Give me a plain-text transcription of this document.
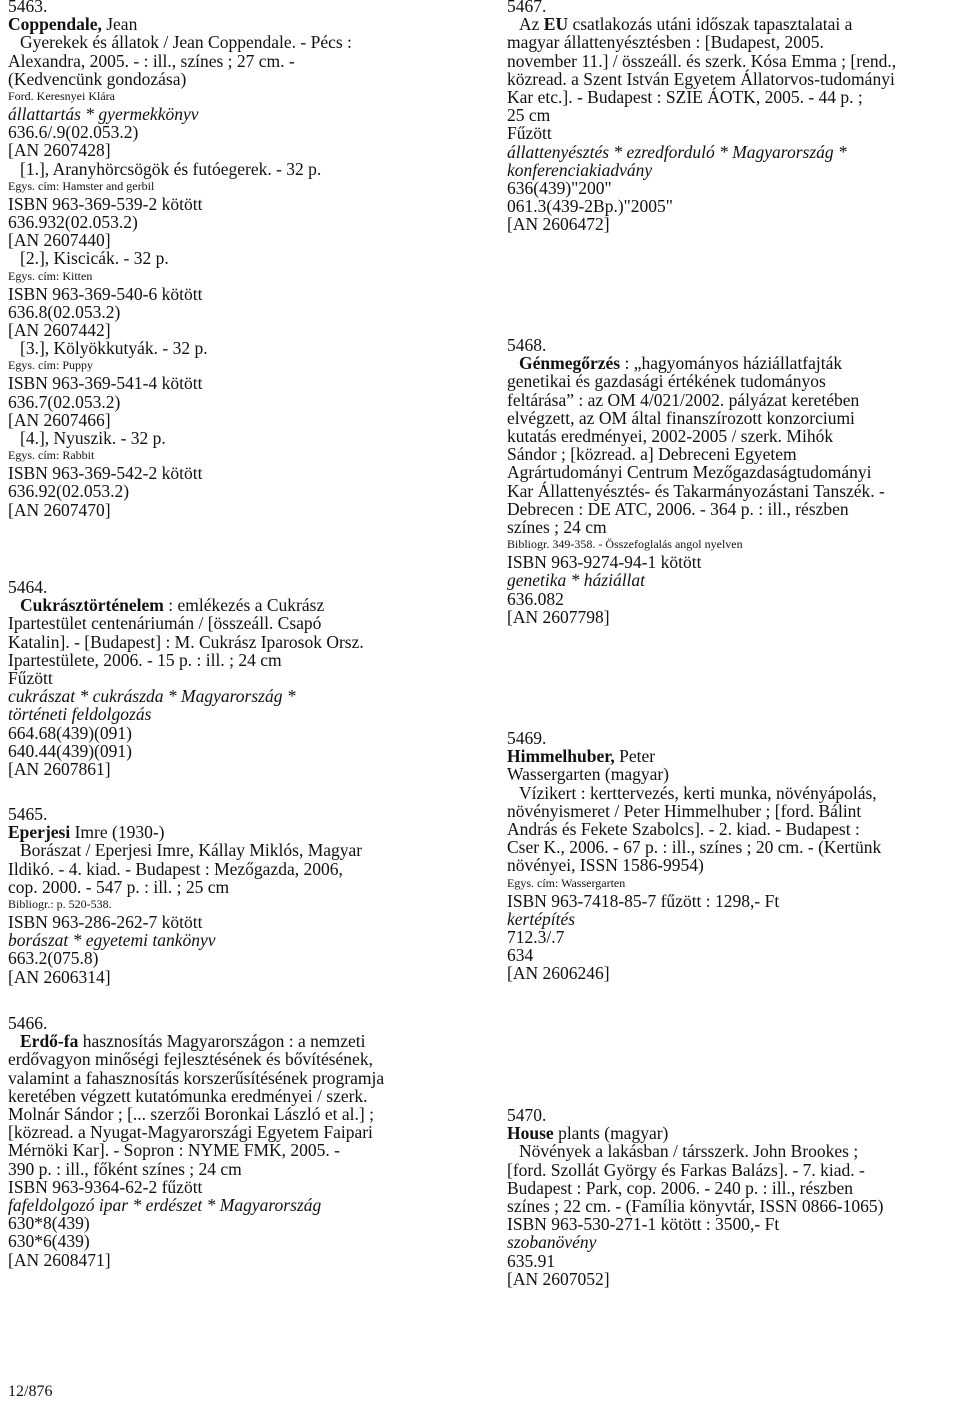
5463.
Coppendale, Jean
Gyerekek és állatok / Jean Coppendale. - Pécs :
Alexandra, 2005. - : ill., színes ; 27 cm. -
(Kedvencünk gondozása)
Ford. Keresnyei Klára
állattartás * gyermekkönyv
636.6/.9(02.053.2)
[AN 2607428]
[1.], Aranyhörcsögök és futóegerek. - 32 p.
Egys. cím: Hamster and gerbil
ISBN 963-369-539-2 kötött
636.932(02.053.2)
[AN 2607440]
[2.], Kiscicák. - 32 p.
Egys. cím: Kitten
ISBN 963-369-540-6 kötött
636.8(02.053.2)
[AN 2607442]
[3.], Kölyökkutyák. - 32 p.
Egys. cím: Puppy
ISBN 963-369-541-4 kötött
636.7(02.053.2)
[AN 2607466]
[4.], Nyuszik. - 32 p.
Egys. cím: Rabbit
ISBN 963-369-542-2 kötött
636.92(02.053.2)
[AN 2607470]
5464.
Cukrásztörténelem : emlékezés a Cukrász
Ipartestület centenáriumán / [összeáll. Csapó
Katalin]. - [Budapest] : M. Cukrász Iparosok Orsz.
Ipartestülete, 2006. - 15 p. : ill. ; 24 cm
Fűzött
cukrászat * cukrászda * Magyarország *
történeti feldolgozás
664.68(439)(091)
640.44(439)(091)
[AN 2607861]
5465.
Eperjesi Imre (1930-)
Borászat / Eperjesi Imre, Kállay Miklós, Magyar
Ildikó. - 4. kiad. - Budapest : Mezőgazda, 2006,
cop. 2000. - 547 p. : ill. ; 25 cm
Bibliogr.: p. 520-538.
ISBN 963-286-262-7 kötött
borászat * egyetemi tankönyv
663.2(075.8)
[AN 2606314]
5466.
Erdő-fa hasznosítás Magyarországon : a nemzeti
erdővagyon minőségi fejlesztésének és bővítésének,
valamint a fahasznosítás korszerűsítésének programja
keretében végzett kutatómunka eredményei / szerk.
Molnár Sándor ; [... szerzői Boronkai László et al.] ;
[közread. a Nyugat-Magyarországi Egyetem Faipari
Mérnöki Kar]. - Sopron : NYME FMK, 2005. -
390 p. : ill., főként színes ; 24 cm
ISBN 963-9364-62-2 fűzött
fafeldolgozó ipar * erdészet * Magyarország
630*8(439)
630*6(439)
[AN 2608471]
5467.
Az EU csatlakozás utáni időszak tapasztalatai a
magyar állattenyésztésben : [Budapest, 2005.
november 11.] / összeáll. és szerk. Kósa Emma ; [rend.,
közread. a Szent István Egyetem Állatorvos-tudományi
Kar etc.]. - Budapest : SZIE ÁOTK, 2005. - 44 p. ;
25 cm
Fűzött
állattenyésztés * ezredforduló * Magyarország *
konferenciakiadvány
636(439)"200"
061.3(439-2Bp.)"2005"
[AN 2606472]
5468.
Génmegőrzés : „hagyományos háziállatfajták
genetikai és gazdasági értékének tudományos
feltárása” : az OM 4/021/2002. pályázat keretében
elvégzett, az OM által finanszírozott konzorciumi
kutatás eredményei, 2002-2005 / szerk. Mihók
Sándor ; [közread. a] Debreceni Egyetem
Agrártudományi Centrum Mezőgazdaságtudományi
Kar Állattenyésztés- és Takarmányozástani Tanszék. -
Debrecen : DE ATC, 2006. - 364 p. : ill., részben
színes ; 24 cm
Bibliogr. 349-358. - Összefoglalás angol nyelven
ISBN 963-9274-94-1 kötött
genetika * háziállat
636.082
[AN 2607798]
5469.
Himmelhuber, Peter
Wassergarten (magyar)
Vízikert : kerttervezés, kerti munka, növényápolás,
növényismeret / Peter Himmelhuber ; [ford. Bálint
András és Fekete Szabolcs]. - 2. kiad. - Budapest :
Cser K., 2006. - 67 p. : ill., színes ; 20 cm. - (Kertünk
növényei, ISSN 1586-9954)
Egys. cím: Wassergarten
ISBN 963-7418-85-7 fűzött : 1298,- Ft
kertépítés
712.3/.7
634
[AN 2606246]
5470.
House plants (magyar)
Növények a lakásban / társszerk. John Brookes ;
[ford. Szollát György és Farkas Balázs]. - 7. kiad. -
Budapest : Park, cop. 2006. - 240 p. : ill., részben
színes ; 22 cm. - (Família könyvtár, ISSN 0866-1065)
ISBN 963-530-271-1 kötött : 3500,- Ft
szobanövény
635.91
[AN 2607052]
12/876
